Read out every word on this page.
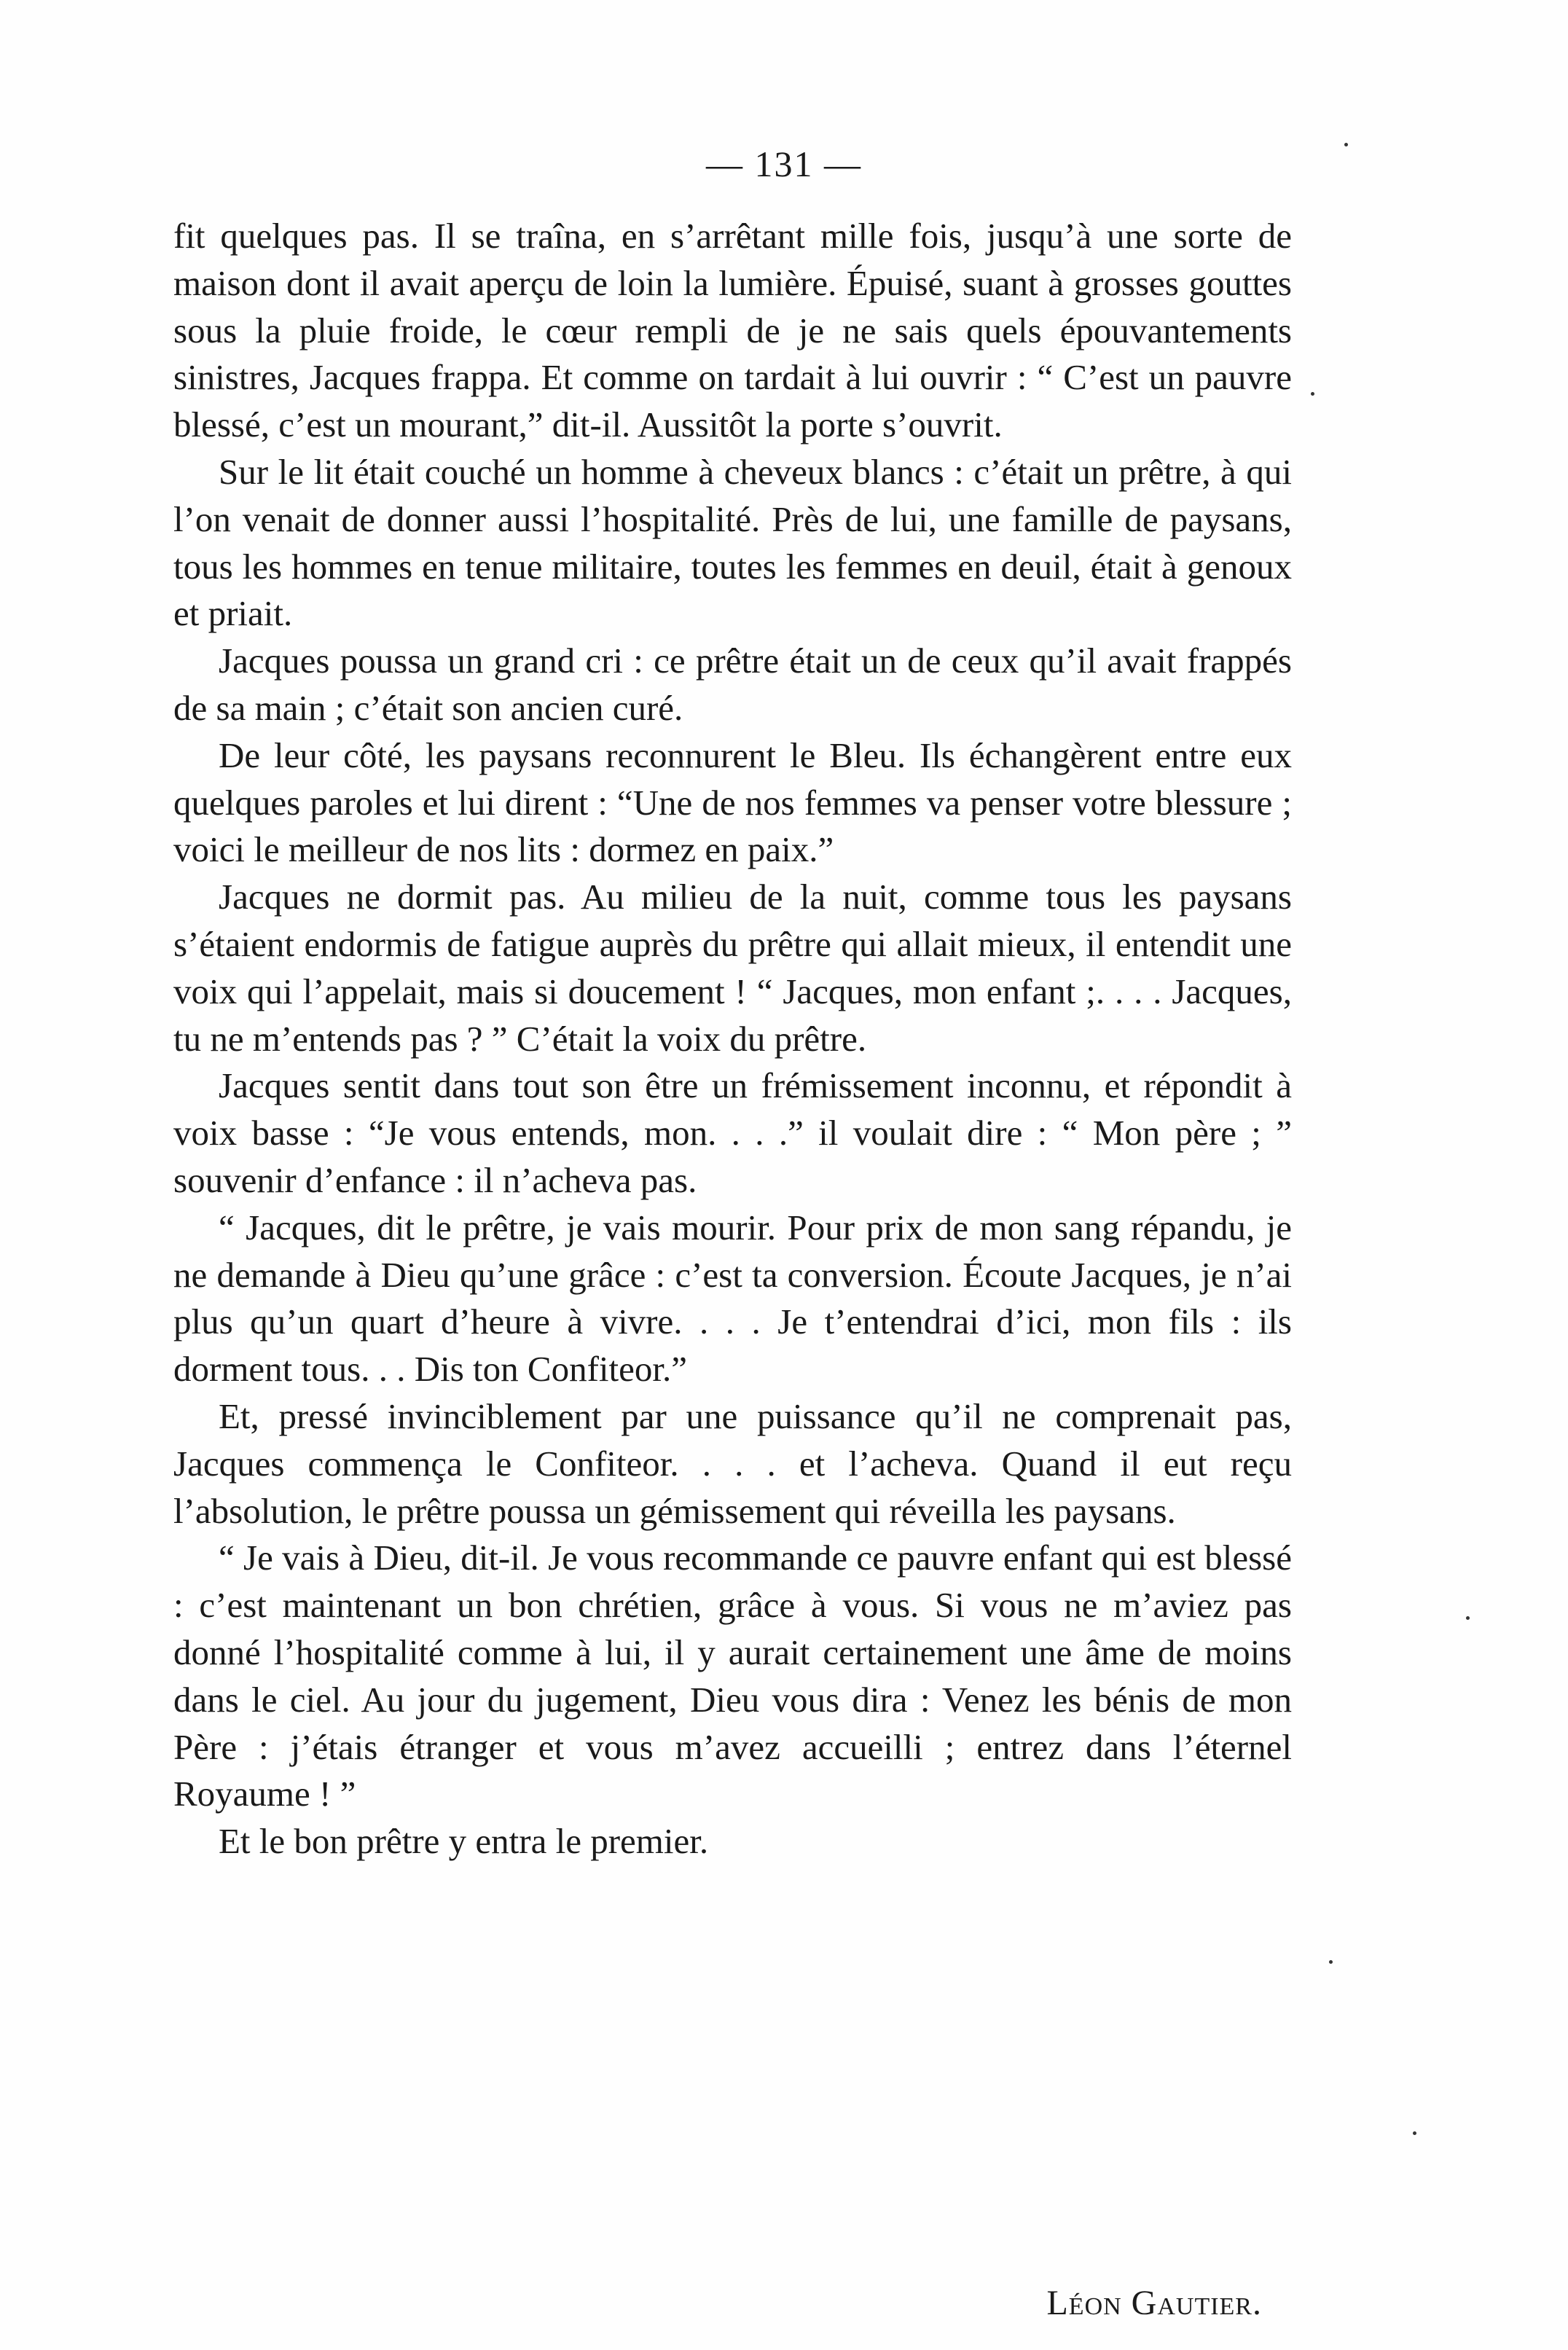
— 131 —

fit quelques pas. Il se traîna, en s’arrêtant mille fois, jusqu’à une sorte de maison dont il avait aperçu de loin la lumière. Épuisé, suant à grosses gouttes sous la pluie froide, le cœur rempli de je ne sais quels épouvantements sinistres, Jacques frappa. Et comme on tardait à lui ouvrir : “ C’est un pauvre blessé, c’est un mourant,” dit-il. Aussitôt la porte s’ouvrit.

Sur le lit était couché un homme à cheveux blancs : c’était un prêtre, à qui l’on venait de donner aussi l’hospitalité. Près de lui, une famille de paysans, tous les hommes en tenue militaire, toutes les femmes en deuil, était à genoux et priait.

Jacques poussa un grand cri : ce prêtre était un de ceux qu’il avait frappés de sa main ; c’était son ancien curé.

De leur côté, les paysans reconnurent le Bleu. Ils échangèrent entre eux quelques paroles et lui dirent : “Une de nos femmes va penser votre blessure ; voici le meilleur de nos lits : dormez en paix.”

Jacques ne dormit pas. Au milieu de la nuit, comme tous les paysans s’étaient endormis de fatigue auprès du prêtre qui allait mieux, il entendit une voix qui l’appelait, mais si doucement ! “ Jacques, mon enfant ;. . . . Jacques, tu ne m’entends pas ? ” C’était la voix du prêtre.

Jacques sentit dans tout son être un frémissement inconnu, et répondit à voix basse : “Je vous entends, mon. . . .” il voulait dire : “ Mon père ; ” souvenir d’enfance : il n’acheva pas.

“ Jacques, dit le prêtre, je vais mourir. Pour prix de mon sang répandu, je ne demande à Dieu qu’une grâce : c’est ta conversion. Écoute Jacques, je n’ai plus qu’un quart d’heure à vivre. . . . Je t’entendrai d’ici, mon fils : ils dorment tous. . . Dis ton Confiteor.”

Et, pressé invinciblement par une puissance qu’il ne comprenait pas, Jacques commença le Confiteor. . . . et l’acheva. Quand il eut reçu l’absolution, le prêtre poussa un gémissement qui réveilla les paysans.

“ Je vais à Dieu, dit-il. Je vous recommande ce pauvre enfant qui est blessé : c’est maintenant un bon chrétien, grâce à vous. Si vous ne m’aviez pas donné l’hospitalité comme à lui, il y aurait certainement une âme de moins dans le ciel. Au jour du jugement, Dieu vous dira : Venez les bénis de mon Père : j’étais étranger et vous m’avez accueilli ; entrez dans l’éternel Royaume ! ”

Et le bon prêtre y entra le premier.

Léon Gautier.
